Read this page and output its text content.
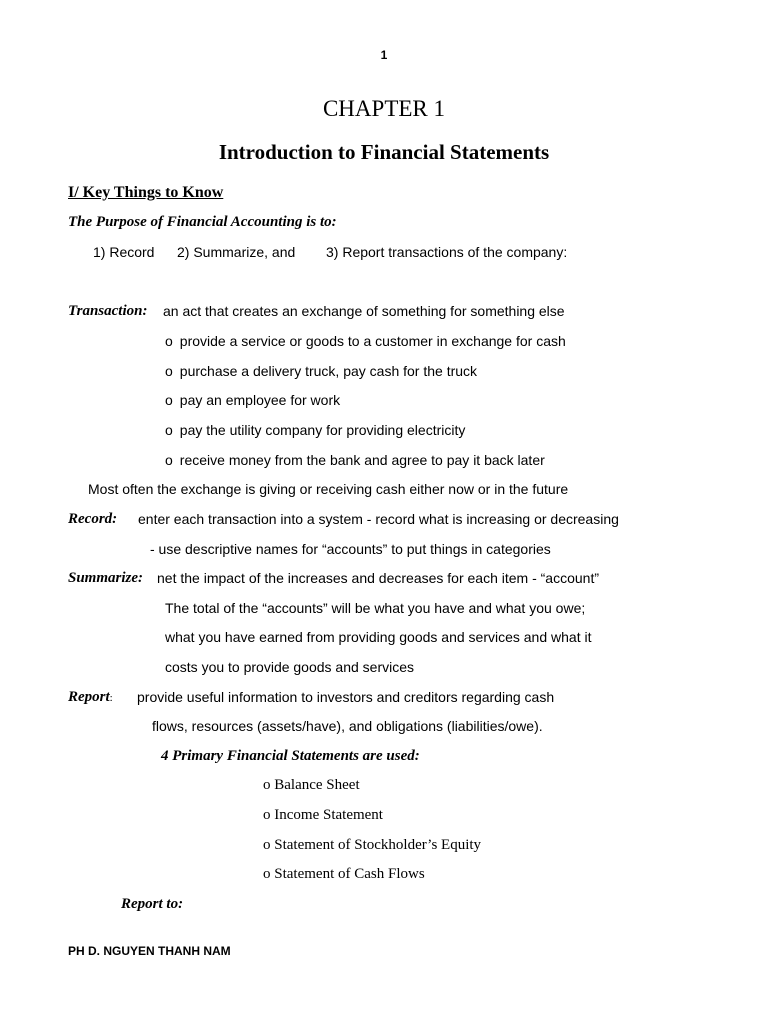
1
CHAPTER 1
Introduction to Financial Statements
I/ Key Things to Know
The Purpose of Financial Accounting is to:
1) Record 2) Summarize, and 3) Report transactions of the company:
Transaction: an act that creates an exchange of something for something else
o provide a service or goods to a customer in exchange for cash
o purchase a delivery truck, pay cash for the truck
o pay an employee for work
o pay the utility company for providing electricity
o receive money from the bank and agree to pay it back later
Most often the exchange is giving or receiving cash either now or in the future
Record: enter each transaction into a system - record what is increasing or decreasing
- use descriptive names for “accounts” to put things in categories
Summarize: net the impact of the increases and decreases for each item - “account”
The total of the “accounts” will be what you have and what you owe;
what you have earned from providing goods and services and what it
costs you to provide goods and services
Report: provide useful information to investors and creditors regarding cash
flows, resources (assets/have), and obligations (liabilities/owe).
4 Primary Financial Statements are used:
o Balance Sheet
o Income Statement
o Statement of Stockholder’s Equity
o Statement of Cash Flows
Report to:
PH D. NGUYEN THANH NAM
